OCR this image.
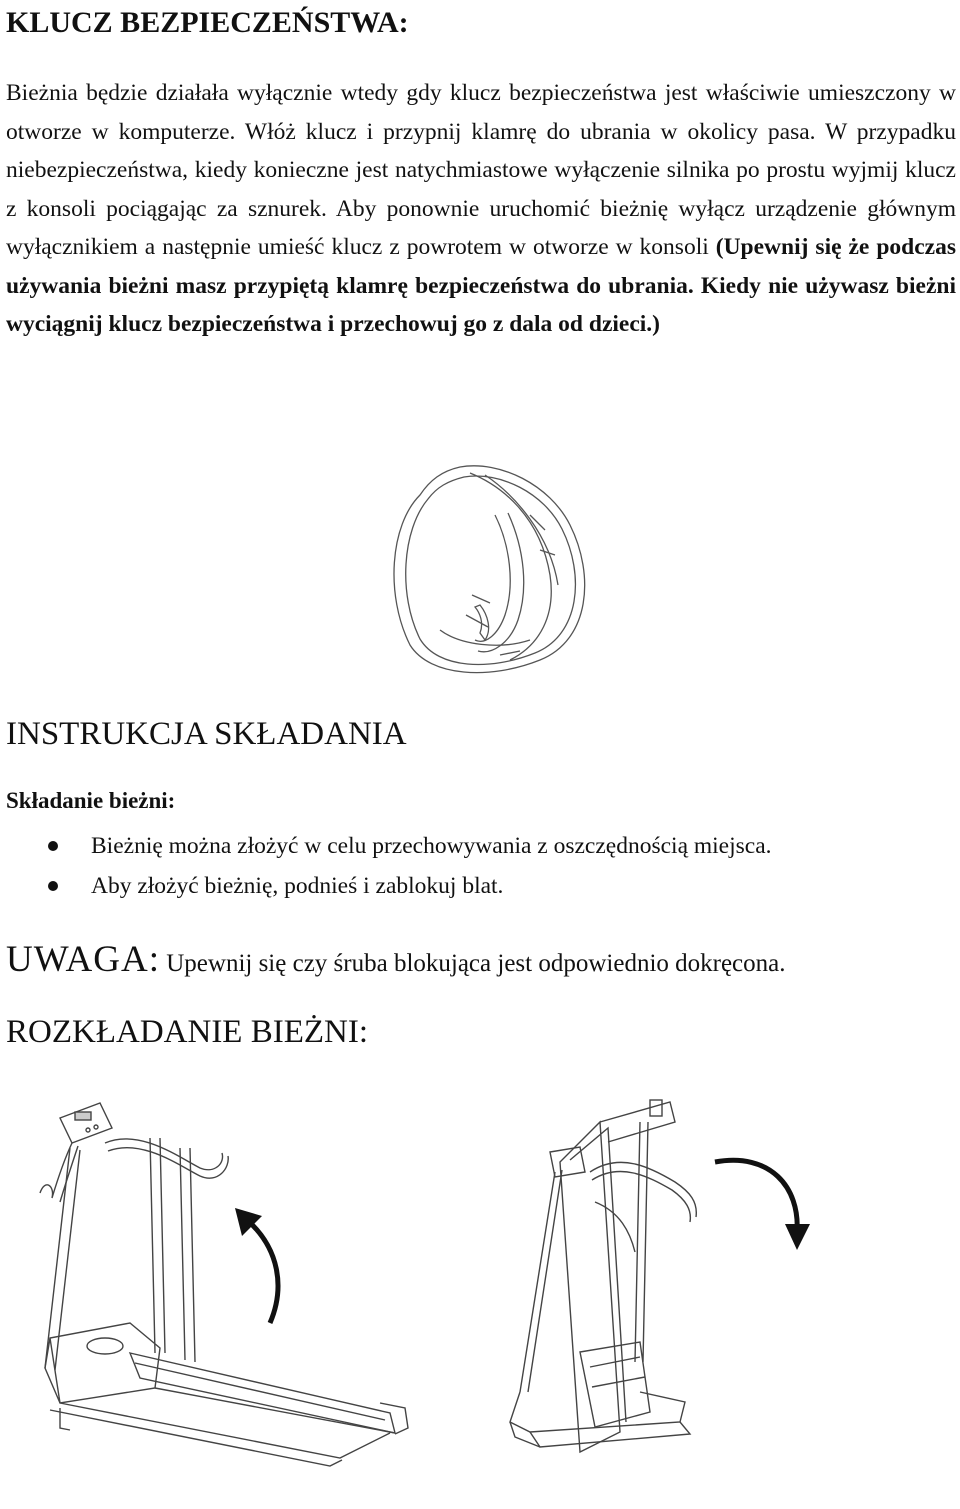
KLUCZ BEZPIECZEŃSTWA:

Bieżnia będzie działała wyłącznie wtedy gdy klucz bezpieczeństwa jest właściwie umieszczony w otworze w komputerze. Włóż klucz i przypnij klamrę do ubrania w okolicy pasa. W przypadku niebezpieczeństwa, kiedy konieczne jest natychmiastowe wyłączenie silnika po prostu wyjmij klucz z konsoli pociągając za sznurek. Aby ponownie uruchomić bieżnię wyłącz urządzenie głównym wyłącznikiem a następnie umieść klucz z powrotem w otworze w konsoli (Upewnij się że podczas używania bieżni masz przypiętą klamrę bezpieczeństwa do ubrania. Kiedy nie używasz bieżni wyciągnij klucz bezpieczeństwa i przechowuj go z dala od dzieci.)

INSTRUKCJA SKŁADANIA

Składanie bieżni:

Bieżnię można złożyć w celu przechowywania z oszczędnością miejsca.
Aby złożyć bieżnię, podnieś i zablokuj blat.

UWAGA: Upewnij się czy śruba blokująca jest odpowiednio dokręcona.

ROZKŁADANIE BIEŻNI:
